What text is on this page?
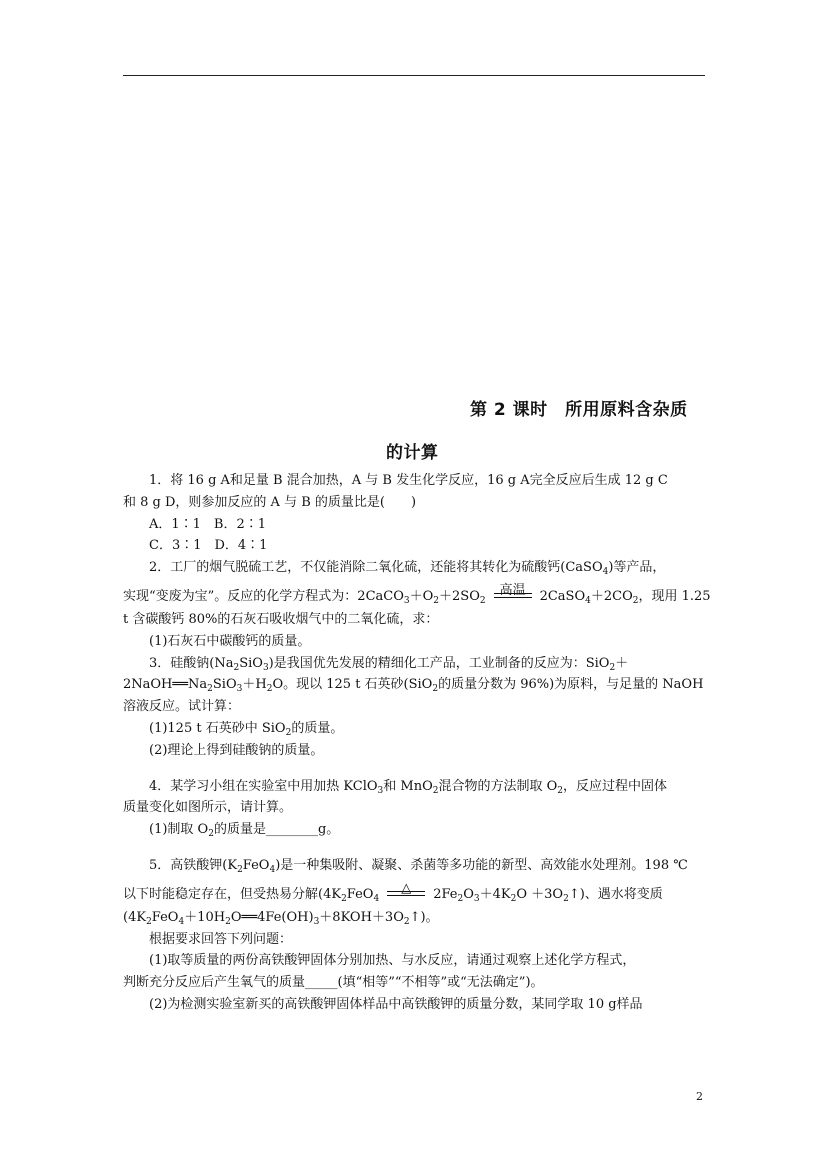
第 2 课时　所用原料含杂质
的计算
1．将 16 g A和足量 B 混合加热，A 与 B 发生化学反应，16 g A完全反应后生成 12 g C
和 8 g D，则参加反应的 A 与 B 的质量比是(　　)
A．1∶1　B．2∶1
C．3∶1　D．4∶1
2．工厂的烟气脱硫工艺，不仅能消除二氧化硫，还能将其转化为硫酸钙(CaSO$_4$)等产品，
实现“变废为宝”。反应的化学方程式为：$2CaCO_3+O_2+2SO_2$
高温	$2CaSO_4+2CO_2$，现用 1.25
t 含碳酸钙 80%的石灰石吸收烟气中的二氧化硫，求：
(1)石灰石中碳酸钙的质量。
3．硅酸钠$(Na_2SiO_3)$是我国优先发展的精细化工产品，工业制备的反应为：SiO$_2$＋
$2NaOH══Na_2SiO_3+H_2O$。现以 125 t 石英砂(SiO$_2$的质量分数为 96%)为原料，与足量的 NaOH
溶液反应。试计算：
(1)125 t 石英砂中 SiO$_2$的质量。
(2)理论上得到硅酸钠的质量。
4．某学习小组在实验室中用加热 KClO$_3$和 MnO$_2$混合物的方法制取 $O_2$，反应过程中固体
质量变化如图所示，请计算。
(1)制取 $O_2$的质量是________g。
5．高铁酸钾$(K_2FeO_4)$是一种集吸附、凝聚、杀菌等多功能的新型、高效能水处理剂。198 ℃
以下时能稳定存在，但受热易分解($4K_2FeO_4$
△	$2Fe_2O_3+4K_2O$ $+3O_2↑$)、遇水将变质
$(4K_2FeO_4+10H_2O══4Fe(OH)_3+8KOH+3O_2↑)$。
根据要求回答下列问题：
(1)取等质量的两份高铁酸钾固体分别加热、与水反应，请通过观察上述化学方程式，
判断充分反应后产生氧气的质量_____(填“相等”“不相等”或“无法确定”)。
(2)为检测实验室新买的高铁酸钾固体样品中高铁酸钾的质量分数，某同学取 10 g样品
2
